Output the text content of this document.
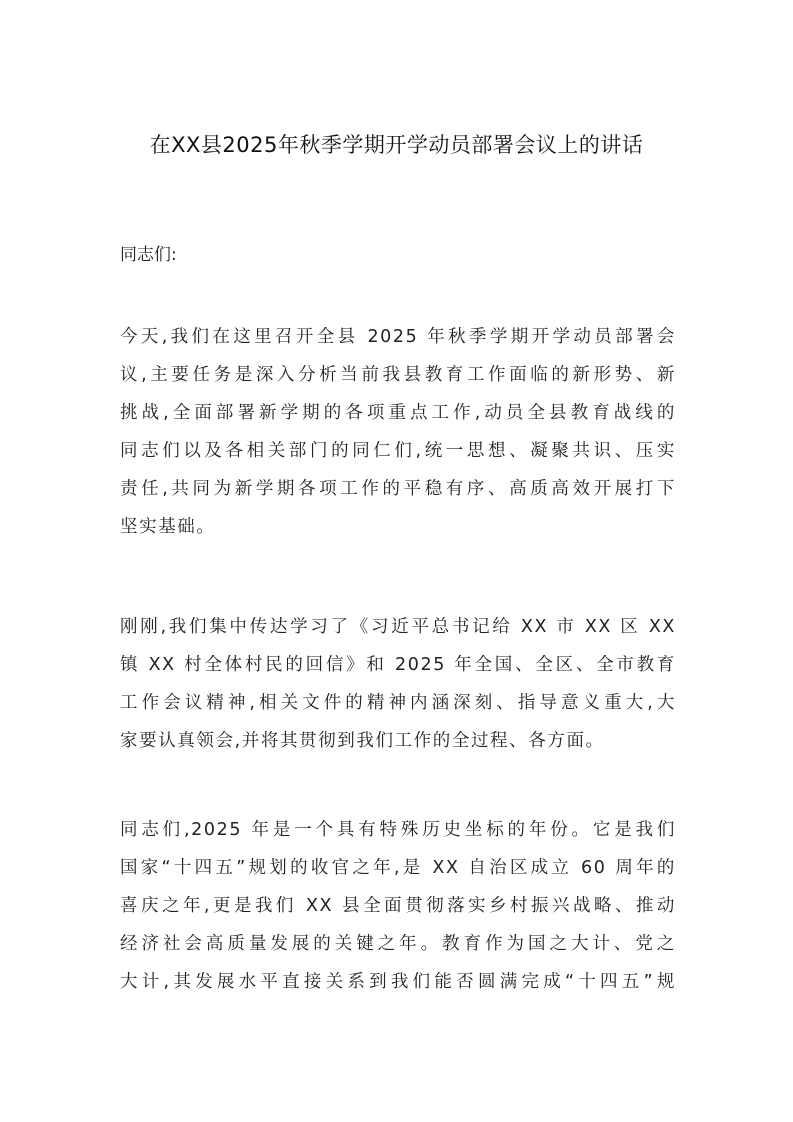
在XX县2025年秋季学期开学动员部署会议上的讲话

同志们:

今天,我们在这里召开全县 2025 年秋季学期开学动员部署会
议,主要任务是深入分析当前我县教育工作面临的新形势、新
挑战,全面部署新学期的各项重点工作,动员全县教育战线的
同志们以及各相关部门的同仁们,统一思想、凝聚共识、压实
责任,共同为新学期各项工作的平稳有序、高质高效开展打下
坚实基础。
刚刚,我们集中传达学习了《习近平总书记给 XX 市 XX 区 XX
镇 XX 村全体村民的回信》和 2025 年全国、全区、全市教育
工作会议精神,相关文件的精神内涵深刻、指导意义重大,大
家要认真领会,并将其贯彻到我们工作的全过程、各方面。
同志们,2025 年是一个具有特殊历史坐标的年份。它是我们
国家“十四五”规划的收官之年,是 XX 自治区成立 60 周年的
喜庆之年,更是我们 XX 县全面贯彻落实乡村振兴战略、推动
经济社会高质量发展的关键之年。教育作为国之大计、党之
大计,其发展水平直接关系到我们能否圆满完成“十四五”规
